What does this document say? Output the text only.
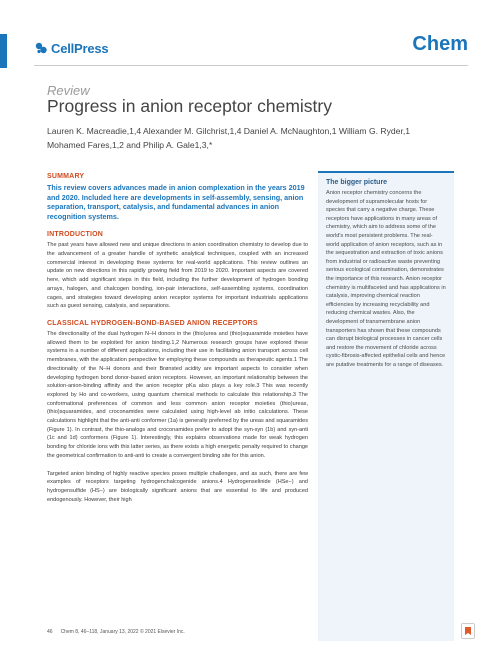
CellPress	Chem
Review
Progress in anion receptor chemistry
Lauren K. Macreadie,1,4 Alexander M. Gilchrist,1,4 Daniel A. McNaughton,1 William G. Ryder,1
Mohamed Fares,1,2 and Philip A. Gale1,3,*
SUMMARY

This review covers advances made in anion complexation in the years 2019 and 2020. Included here are developments in self-assembly, sensing, anion separation, transport, catalysis, and fundamental advances in anion recognition systems.

INTRODUCTION

The past years have allowed new and unique directions in anion coordination chemistry to develop due to the advancement of a greater handle of synthetic analytical techniques, coupled with an increased commercial interest in developing these systems for real-world applications. This review outlines an update on new directions in this rapidly growing field from 2019 to 2020. Important aspects are covered here, which add significant steps in this field, including the further development of hydrogen bonding arrays, halogen, and chalcogen bonding, ion-pair interactions, self-assembling systems, coordination cages, and strategies toward developing anion receptor systems for important industrials applications such as guest sensing, catalysis, and separations.

CLASSICAL HYDROGEN-BOND-BASED ANION RECEPTORS

The directionality of the dual hydrogen N–H donors in the (thio)urea and (thio)squaramide moieties have allowed them to be exploited for anion binding.1,2 Numerous research groups have explored these systems in a number of different applications, including their use in facilitating anion transport across cell membranes, with the application perspective for employing these compounds as therapeutic agents.1 The directionality of the N–H donors and their Brønsted acidity are important aspects to consider when developing hydrogen bond donor-based anion receptors. However, an important relationship between the solution-anion-binding affinity and the anion receptor pKa also plays a key role.3 This was recently explored by Ho and co-workers, using quantum chemical methods to calculate this relationship.3 The conformational preferences of common and less common anion receptor moieties (thio)ureas, (thio)squaramides, and croconamides were calculated using high-level ab initio calculations. These calculations highlight that the anti-anti conformer (1a) is generally preferred by the ureas and squaramides (Figure 1). In contrast, the thio-analogs and croconamides prefer to adopt the syn-syn (1b) and syn-anti (1c and 1d) conformers (Figure 1). Interestingly, this explains observations made for weak hydrogen bonding for chloride ions with this latter series, as there exists a high energetic penalty required to change the geometrical confirmation to anti-anti to create a convergent binding site for this anion.

Targeted anion binding of highly reactive species poses multiple challenges, and as such, there are few examples of receptors targeting hydrogenchalcogenide anions.4 Hydrogenselinide (HSe−) and hydrogensulfide (HS−) are biologically significant anions that are essential to life and produced endogenously. However, their high

The bigger picture

Anion receptor chemistry concerns the development of supramolecular hosts for species that carry a negative charge. These receptors have applications in many areas of chemistry, which aim to address some of the world's most persistent problems. The real-world application of anion receptors, such as in the sequestration and extraction of toxic anions from industrial or radioactive waste preventing serious ecological contamination, demonstrates the importance of this research. Anion receptor chemistry is multifaceted and has applications in catalysis, improving chemical reaction efficiencies by increasing recyclability and reducing chemical wastes. Also, the development of transmembrane anion transporters has shown that these compounds can disrupt biological processes in cancer cells and restore the movement of chloride across cystic-fibrosis-affected epithelial cells and hence are putative treatments for a range of diseases.

46 Chem 8, 46–118, January 13, 2022 © 2021 Elsevier Inc.
